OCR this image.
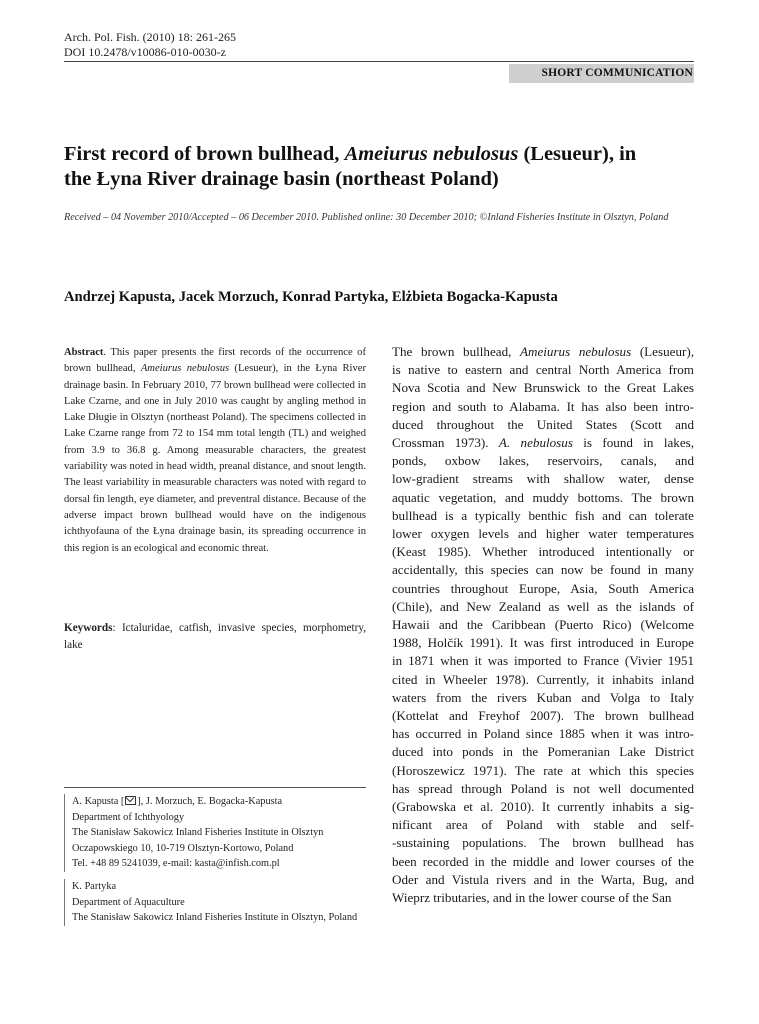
Arch. Pol. Fish. (2010) 18: 261-265
DOI 10.2478/v10086-010-0030-z
SHORT COMMUNICATION
First record of brown bullhead, Ameiurus nebulosus (Lesueur), in
the Łyna River drainage basin (northeast Poland)
Received – 04 November 2010/Accepted – 06 December 2010. Published online: 30 December 2010; ©Inland Fisheries Institute in Olsztyn, Poland
Andrzej Kapusta, Jacek Morzuch, Konrad Partyka, Elżbieta Bogacka-Kapusta
Abstract. This paper presents the first records of the occurrence of brown bullhead, Ameiurus nebulosus (Lesueur), in the Łyna River drainage basin. In February 2010, 77 brown bullhead were collected in Lake Czarne, and one in July 2010 was caught by angling method in Lake Długie in Olsztyn (northeast Poland). The specimens collected in Lake Czarne range from 72 to 154 mm total length (TL) and weighed from 3.9 to 36.8 g. Among measurable characters, the greatest variability was noted in head width, preanal distance, and snout length. The least variability in measurable characters was noted with regard to dorsal fin length, eye diameter, and preventral distance. Because of the adverse impact brown bullhead would have on the indigenous ichthyofauna of the Łyna drainage basin, its spreading occurrence in this region is an ecological and economic threat.
Keywords: Ictaluridae, catfish, invasive species, morphometry, lake
A. Kapusta [ ], J. Morzuch, E. Bogacka-Kapusta
Department of Ichthyology
The Stanisław Sakowicz Inland Fisheries Institute in Olsztyn
Oczapowskiego 10, 10-719 Olsztyn-Kortowo, Poland
Tel. +48 89 5241039, e-mail: kasta@infish.com.pl
K. Partyka
Department of Aquaculture
The Stanisław Sakowicz Inland Fisheries Institute in Olsztyn, Poland
The brown bullhead, Ameiurus nebulosus (Lesueur),
is native to eastern and central North America from
Nova Scotia and New Brunswick to the Great Lakes
region and south to Alabama. It has also been intro-
duced throughout the United States (Scott and
Crossman 1973). A. nebulosus is found in lakes,
ponds, oxbow lakes, reservoirs, canals, and
low-gradient streams with shallow water, dense
aquatic vegetation, and muddy bottoms. The brown
bullhead is a typically benthic fish and can tolerate
lower oxygen levels and higher water temperatures
(Keast 1985). Whether introduced intentionally or
accidentally, this species can now be found in many
countries throughout Europe, Asia, South America
(Chile), and New Zealand as well as the islands of
Hawaii and the Caribbean (Puerto Rico) (Welcome
1988, Holčík 1991). It was first introduced in Europe
in 1871 when it was imported to France (Vivier 1951
cited in Wheeler 1978). Currently, it inhabits inland
waters from the rivers Kuban and Volga to Italy
(Kottelat and Freyhof 2007). The brown bullhead
has occurred in Poland since 1885 when it was intro-
duced into ponds in the Pomeranian Lake District
(Horoszewicz 1971). The rate at which this species
has spread through Poland is not well documented
(Grabowska et al. 2010). It currently inhabits a sig-
nificant area of Poland with stable and self-
-sustaining populations. The brown bullhead has
been recorded in the middle and lower courses of the
Oder and Vistula rivers and in the Warta, Bug, and
Wieprz tributaries, and in the lower course of the San
